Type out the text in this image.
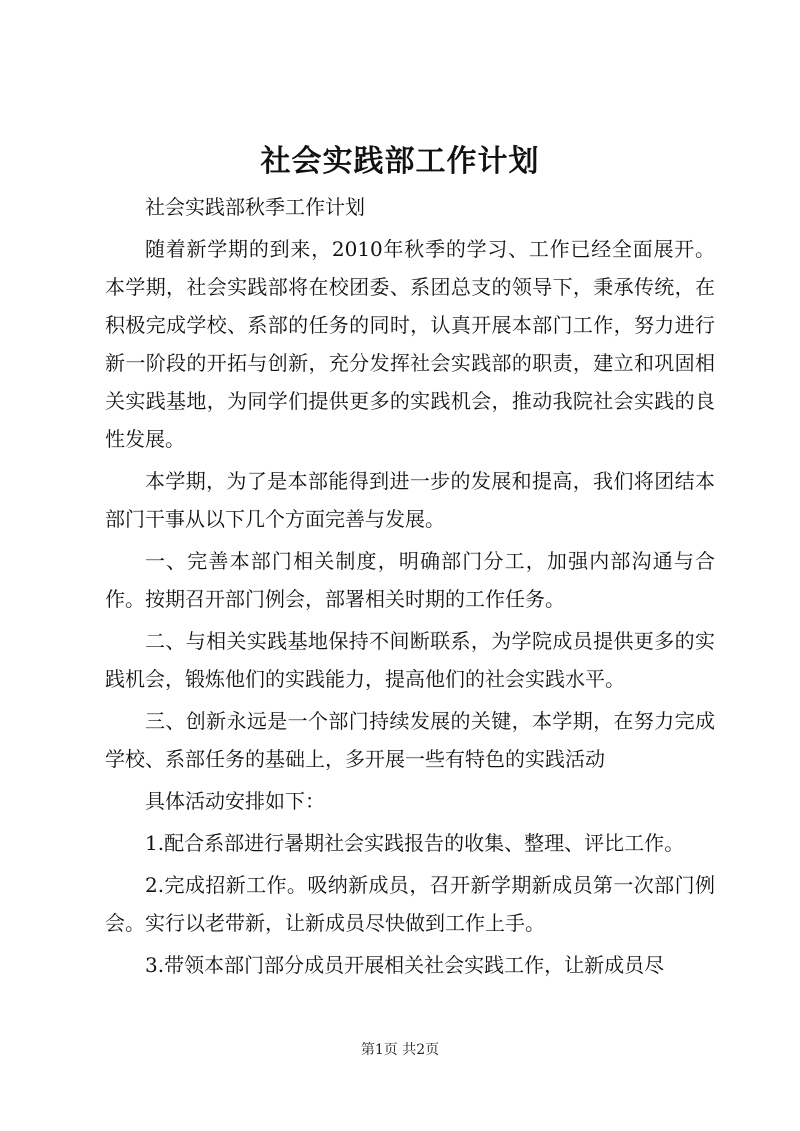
社会实践部工作计划

社会实践部秋季工作计划

随着新学期的到来，2010年秋季的学习、工作已经全面展开。本学期，社会实践部将在校团委、系团总支的领导下，秉承传统，在积极完成学校、系部的任务的同时，认真开展本部门工作，努力进行新一阶段的开拓与创新，充分发挥社会实践部的职责，建立和巩固相关实践基地，为同学们提供更多的实践机会，推动我院社会实践的良性发展。

本学期，为了是本部能得到进一步的发展和提高，我们将团结本部门干事从以下几个方面完善与发展。

一、完善本部门相关制度，明确部门分工，加强内部沟通与合作。按期召开部门例会，部署相关时期的工作任务。

二、与相关实践基地保持不间断联系，为学院成员提供更多的实践机会，锻炼他们的实践能力，提高他们的社会实践水平。

三、创新永远是一个部门持续发展的关键，本学期，在努力完成学校、系部任务的基础上，多开展一些有特色的实践活动

具体活动安排如下：

1.配合系部进行暑期社会实践报告的收集、整理、评比工作。

2.完成招新工作。吸纳新成员，召开新学期新成员第一次部门例会。实行以老带新，让新成员尽快做到工作上手。

3.带领本部门部分成员开展相关社会实践工作，让新成员尽

第1页 共2页
